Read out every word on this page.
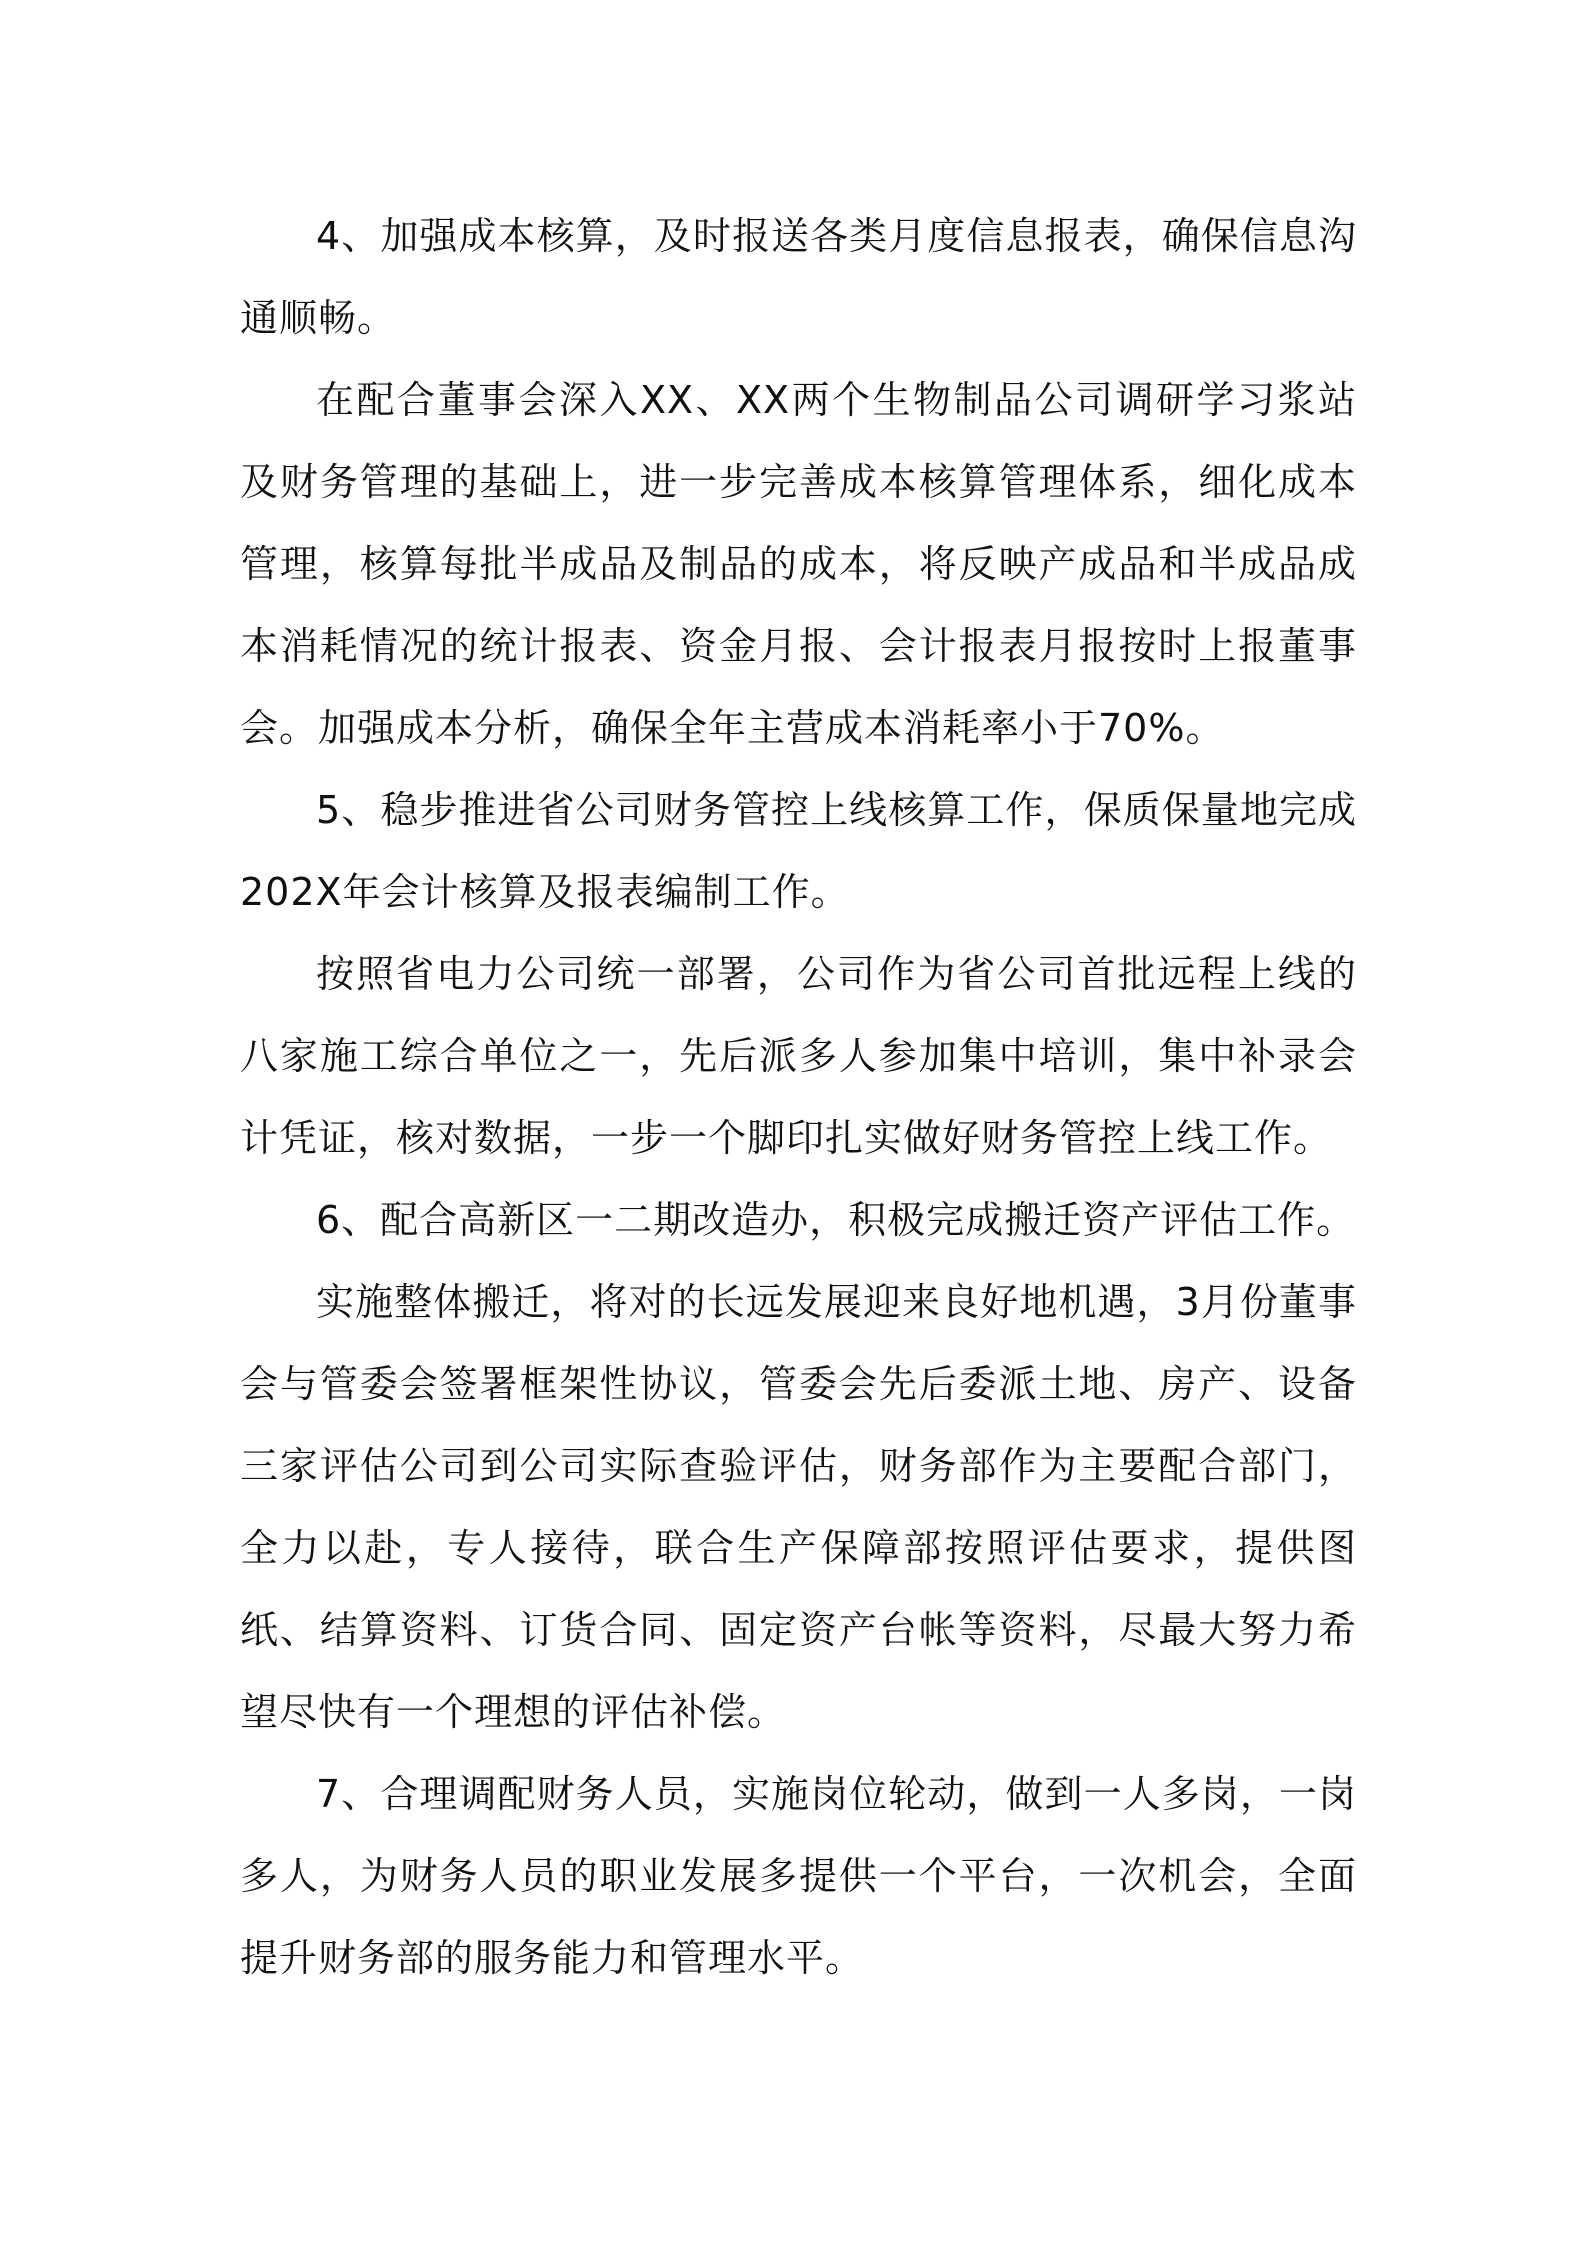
4、加强成本核算，及时报送各类月度信息报表，确保信息沟通顺畅。

在配合董事会深入XX、XX两个生物制品公司调研学习浆站及财务管理的基础上，进一步完善成本核算管理体系，细化成本管理，核算每批半成品及制品的成本，将反映产成品和半成品成本消耗情况的统计报表、资金月报、会计报表月报按时上报董事会。加强成本分析，确保全年主营成本消耗率小于70%。

5、稳步推进省公司财务管控上线核算工作，保质保量地完成202X年会计核算及报表编制工作。

按照省电力公司统一部署，公司作为省公司首批远程上线的八家施工综合单位之一，先后派多人参加集中培训，集中补录会计凭证，核对数据，一步一个脚印扎实做好财务管控上线工作。

6、配合高新区一二期改造办，积极完成搬迁资产评估工作。

实施整体搬迁，将对的长远发展迎来良好地机遇，3月份董事会与管委会签署框架性协议，管委会先后委派土地、房产、设备三家评估公司到公司实际查验评估，财务部作为主要配合部门，全力以赴，专人接待，联合生产保障部按照评估要求，提供图纸、结算资料、订货合同、固定资产台帐等资料，尽最大努力希望尽快有一个理想的评估补偿。

7、合理调配财务人员，实施岗位轮动，做到一人多岗，一岗多人，为财务人员的职业发展多提供一个平台，一次机会，全面提升财务部的服务能力和管理水平。
